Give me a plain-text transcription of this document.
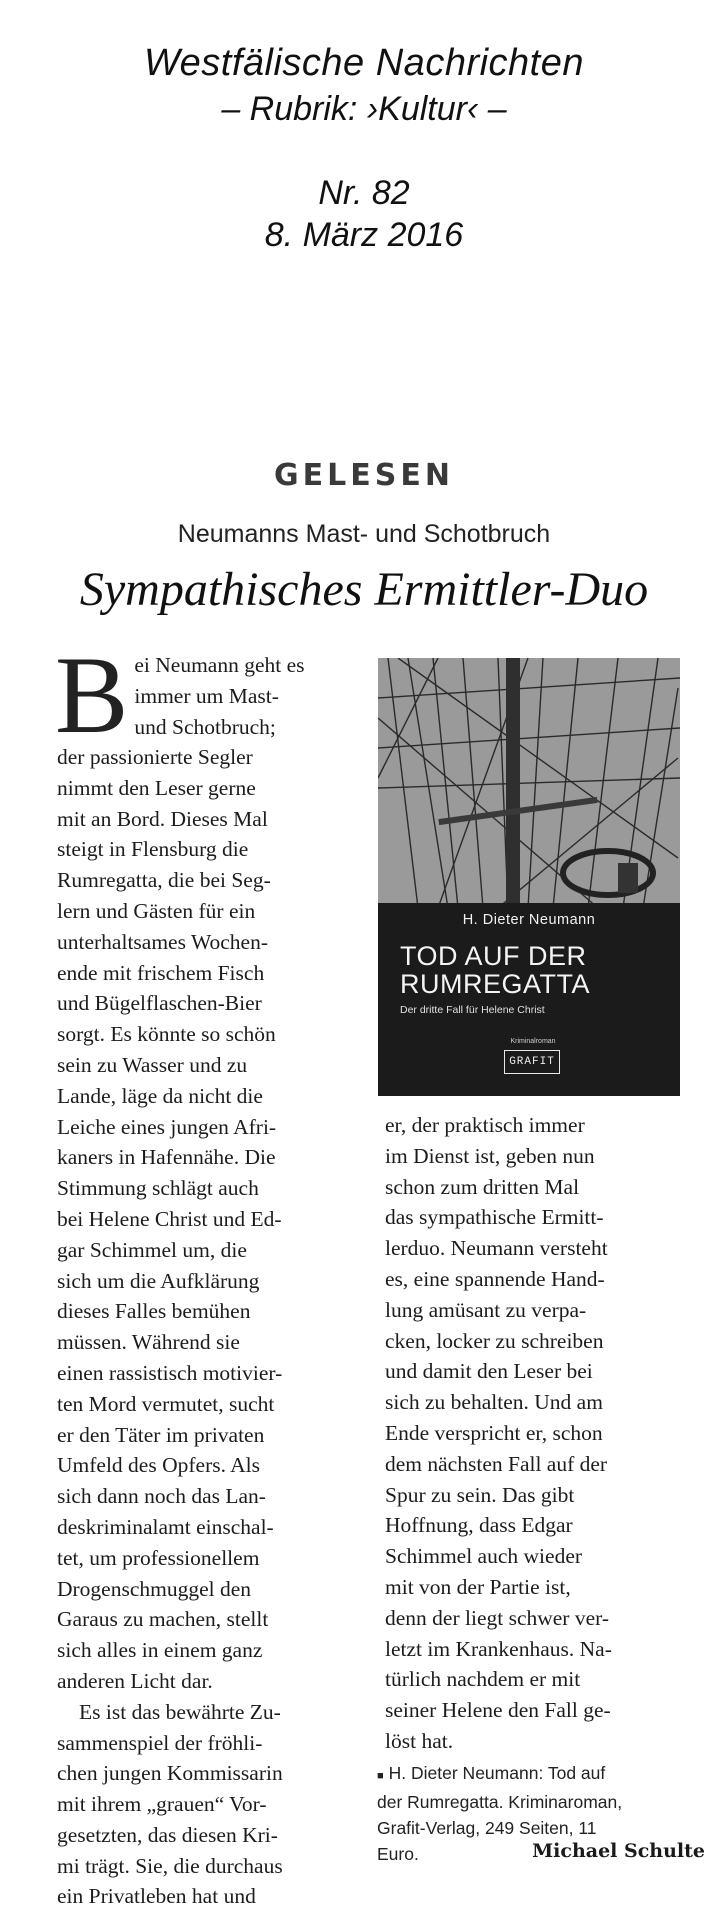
Westfälische Nachrichten
– Rubrik: ›Kultur‹ –
Nr. 82
8. März 2016
GELESEN
Neumanns Mast- und Schotbruch
Sympathisches Ermittler-Duo
B ei Neumann geht es
immer um Mast-
und Schotbruch;
der passionierte Segler
nimmt den Leser gerne
mit an Bord. Dieses Mal
steigt in Flensburg die
Rumregatta, die bei Seg-
lern und Gästen für ein
unterhaltsames Wochen-
ende mit frischem Fisch
und Bügelflaschen-Bier
sorgt. Es könnte so schön
sein zu Wasser und zu
Lande, läge da nicht die
Leiche eines jungen Afri-
kaners in Hafennähe. Die
Stimmung schlägt auch
bei Helene Christ und Ed-
gar Schimmel um, die
sich um die Aufklärung
dieses Falles bemühen
müssen. Während sie
einen rassistisch motivier-
ten Mord vermutet, sucht
er den Täter im privaten
Umfeld des Opfers. Als
sich dann noch das Lan-
deskriminalamt einschal-
tet, um professionellem
Drogenschmuggel den
Garaus zu machen, stellt
sich alles in einem ganz
anderen Licht dar.
Es ist das bewährte Zu-
sammenspiel der fröhli-
chen jungen Kommissarin
mit ihrem „grauen“ Vor-
gesetzten, das diesen Kri-
mi trägt. Sie, die durchaus
ein Privatleben hat und
H. Dieter Neumann
TOD AUF DER
RUMREGATTA
Der dritte Fall für Helene Christ
Kriminalroman
GRAFIT
er, der praktisch immer
im Dienst ist, geben nun
schon zum dritten Mal
das sympathische Ermitt-
lerduo. Neumann versteht
es, eine spannende Hand-
lung amüsant zu verpa-
cken, locker zu schreiben
und damit den Leser bei
sich zu behalten. Und am
Ende verspricht er, schon
dem nächsten Fall auf der
Spur zu sein. Das gibt
Hoffnung, dass Edgar
Schimmel auch wieder
mit von der Partie ist,
denn der liegt schwer ver-
letzt im Krankenhaus. Na-
türlich nachdem er mit
seiner Helene den Fall ge-
löst hat.
■ H. Dieter Neumann: Tod auf
der Rumregatta. Kriminaroman,
Grafit-Verlag, 249 Seiten, 11
Euro.	Michael Schulte
